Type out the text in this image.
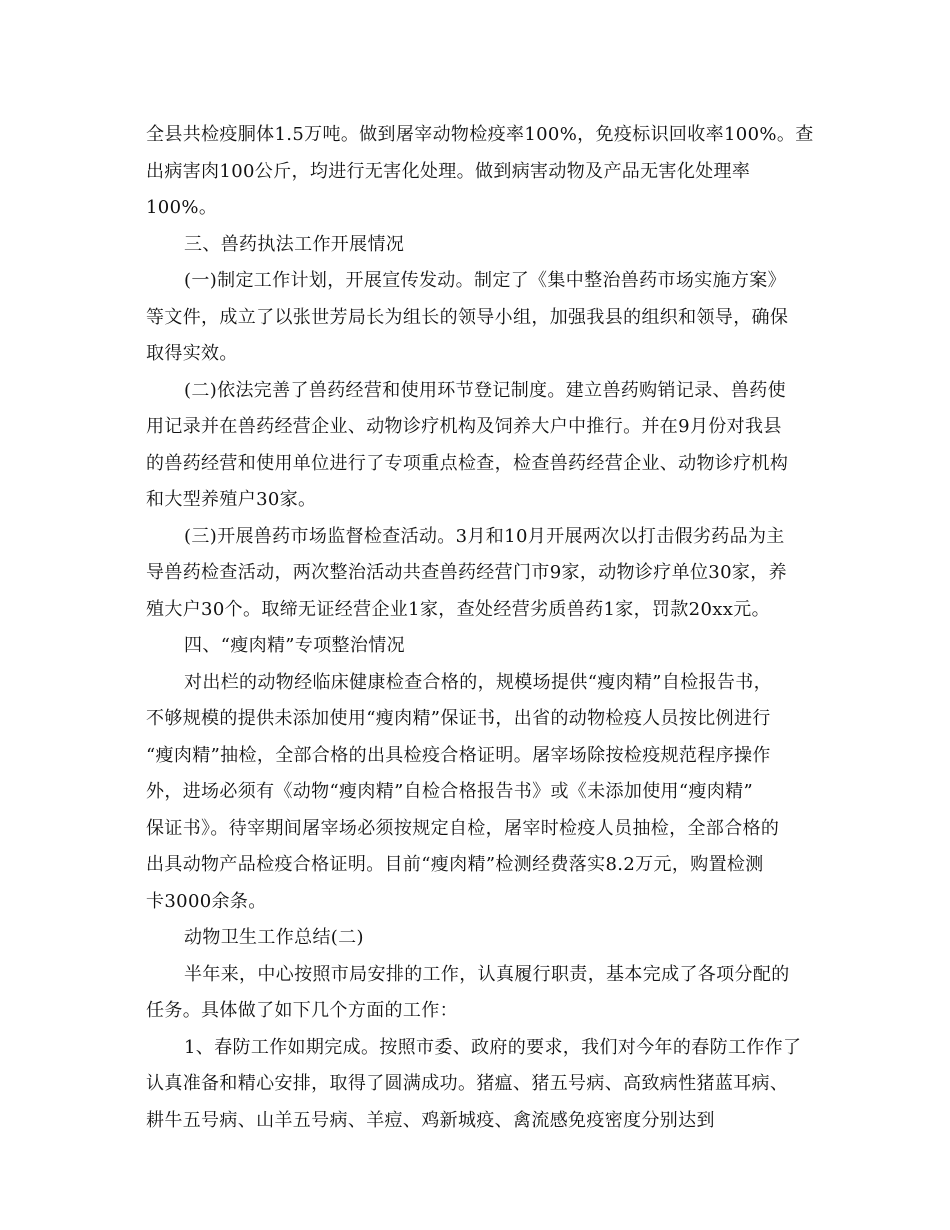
全县共检疫胴体1.5万吨。做到屠宰动物检疫率100%，免疫标识回收率100%。查
出病害肉100公斤，均进行无害化处理。做到病害动物及产品无害化处理率
100%。
三、兽药执法工作开展情况
(一)制定工作计划，开展宣传发动。制定了《集中整治兽药市场实施方案》
等文件，成立了以张世芳局长为组长的领导小组，加强我县的组织和领导，确保
取得实效。
(二)依法完善了兽药经营和使用环节登记制度。建立兽药购销记录、兽药使
用记录并在兽药经营企业、动物诊疗机构及饲养大户中推行。并在9月份对我县
的兽药经营和使用单位进行了专项重点检查，检查兽药经营企业、动物诊疗机构
和大型养殖户30家。
(三)开展兽药市场监督检查活动。3月和10月开展两次以打击假劣药品为主
导兽药检查活动，两次整治活动共查兽药经营门市9家，动物诊疗单位30家，养
殖大户30个。取缔无证经营企业1家，查处经营劣质兽药1家，罚款20xx元。
四、“瘦肉精”专项整治情况
对出栏的动物经临床健康检查合格的，规模场提供“瘦肉精”自检报告书，
不够规模的提供未添加使用“瘦肉精”保证书，出省的动物检疫人员按比例进行
“瘦肉精”抽检，全部合格的出具检疫合格证明。屠宰场除按检疫规范程序操作
外，进场必须有《动物“瘦肉精”自检合格报告书》或《未添加使用“瘦肉精”
保证书》。待宰期间屠宰场必须按规定自检，屠宰时检疫人员抽检，全部合格的
出具动物产品检疫合格证明。目前“瘦肉精”检测经费落实8.2万元，购置检测
卡3000余条。
动物卫生工作总结(二)
半年来，中心按照市局安排的工作，认真履行职责，基本完成了各项分配的
任务。具体做了如下几个方面的工作：
1、春防工作如期完成。按照市委、政府的要求，我们对今年的春防工作作了
认真准备和精心安排，取得了圆满成功。猪瘟、猪五号病、高致病性猪蓝耳病、
耕牛五号病、山羊五号病、羊痘、鸡新城疫、禽流感免疫密度分别达到
